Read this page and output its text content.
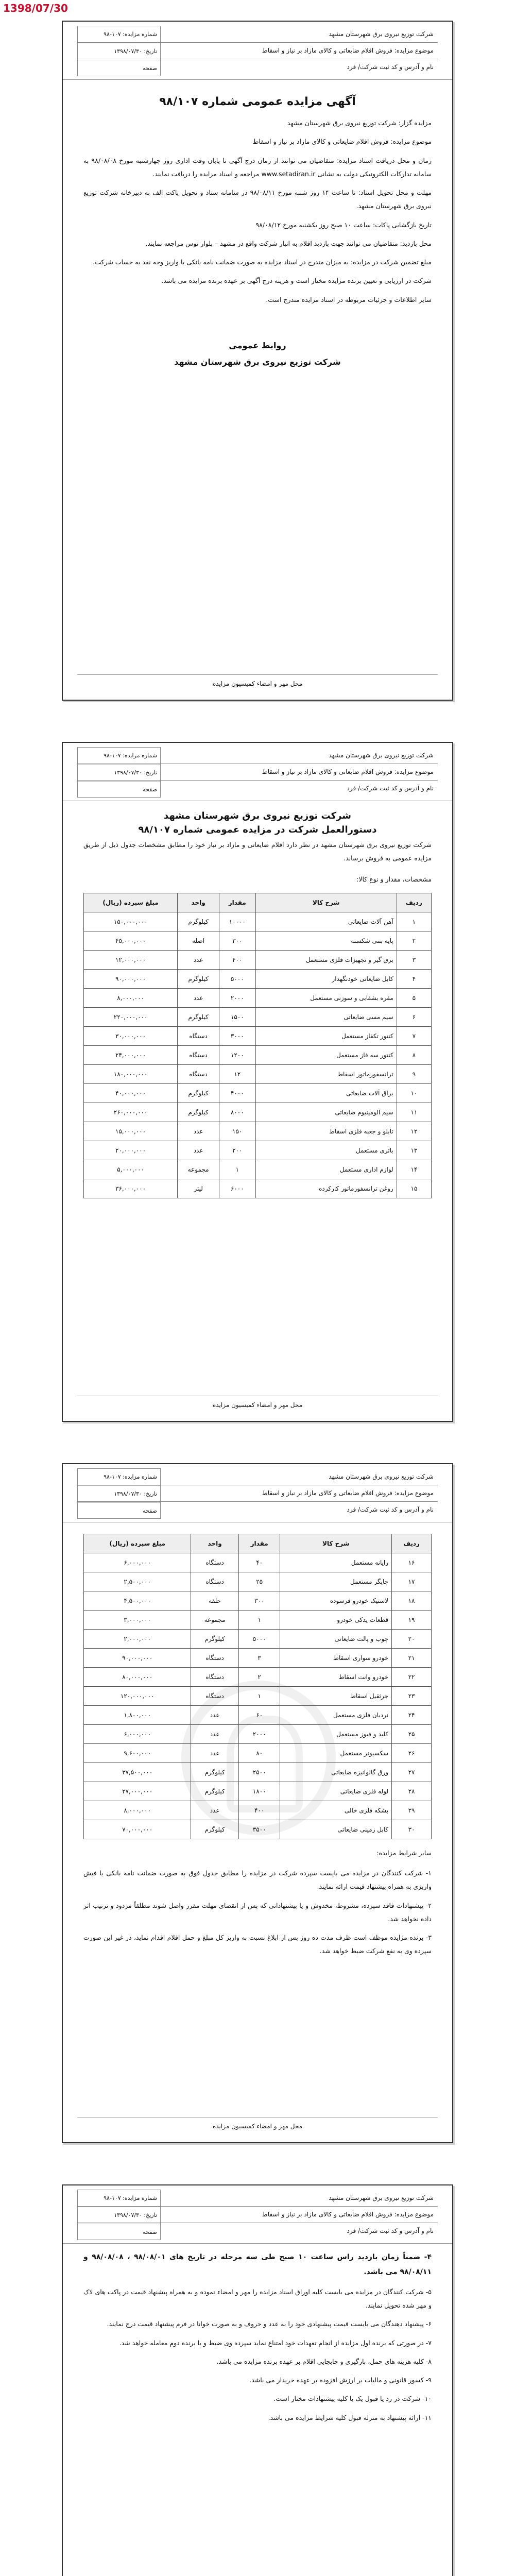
1398/07/30
شرکت توزیع نیروی برق شهرستان مشهد
موضوع مزایده: فروش اقلام ضایعاتی و کالای مازاد بر نیاز و اسقاط
نام و آدرس و کد ثبت شرکت/ فرد
شماره مزایده: ۱۰۷-۹۸
تاریخ: ۱۳۹۸/۰۷/۳۰
صفحه
آگهی مزایده عمومی شماره ۹۸/۱۰۷

مزایده گزار: شرکت توزیع نیروی برق شهرستان مشهد

موضوع مزایده: فروش اقلام ضایعاتی و کالای مازاد بر نیاز و اسقاط

زمان و محل دریافت اسناد مزایده: متقاضیان می توانند از زمان درج آگهی تا پایان وقت اداری روز چهارشنبه مورخ ۹۸/۰۸/۰۸ به سامانه تدارکات الکترونیکی دولت به نشانی www.setadiran.ir مراجعه و اسناد مزایده را دریافت نمایند.

مهلت و محل تحویل اسناد: تا ساعت ۱۴ روز شنبه مورخ ۹۸/۰۸/۱۱ در سامانه ستاد و تحویل پاکت الف به دبیرخانه شرکت توزیع نیروی برق شهرستان مشهد.

تاریخ بازگشایی پاکات: ساعت ۱۰ صبح روز یکشنبه مورخ ۹۸/۰۸/۱۲

محل بازدید: متقاضیان می توانند جهت بازدید اقلام به انبار شرکت واقع در مشهد – بلوار توس مراجعه نمایند.

مبلغ تضمین شرکت در مزایده: به میزان مندرج در اسناد مزایده به صورت ضمانت نامه بانکی یا واریز وجه نقد به حساب شرکت.

شرکت در ارزیابی و تعیین برنده مزایده مختار است و هزینه درج آگهی بر عهده برنده مزایده می باشد.

سایر اطلاعات و جزئیات مربوطه در اسناد مزایده مندرج است.

روابط عمومی
شرکت توزیع نیروی برق شهرستان مشهد
محل مهر و امضاء کمیسیون مزایده
شرکت توزیع نیروی برق شهرستان مشهد
موضوع مزایده: فروش اقلام ضایعاتی و کالای مازاد بر نیاز و اسقاط
نام و آدرس و کد ثبت شرکت/ فرد
شماره مزایده: ۱۰۷-۹۸
تاریخ: ۱۳۹۸/۰۷/۳۰
صفحه
شرکت توزیع نیروی برق شهرستان مشهد
دستورالعمل شرکت در مزایده عمومی شماره ۹۸/۱۰۷

شرکت توزیع نیروی برق شهرستان مشهد در نظر دارد اقلام ضایعاتی و مازاد بر نیاز خود را مطابق مشخصات جدول ذیل از طریق مزایده عمومی به فروش برساند.

مشخصات، مقدار و نوع کالا:
ردیف	شرح کالا	مقدار	واحد	مبلغ سپرده (ریال)
۱	آهن آلات ضایعاتی	۱۰۰۰۰	کیلوگرم	۱۵۰,۰۰۰,۰۰۰
۲	پایه بتنی شکسته	۳۰۰	اصله	۴۵,۰۰۰,۰۰۰
۳	برق گیر و تجهیزات فلزی مستعمل	۴۰۰	عدد	۱۲,۰۰۰,۰۰۰
۴	کابل ضایعاتی خودنگهدار	۵۰۰۰	کیلوگرم	۹۰,۰۰۰,۰۰۰
۵	مقره بشقابی و سوزنی مستعمل	۲۰۰۰	عدد	۸,۰۰۰,۰۰۰
۶	سیم مسی ضایعاتی	۱۵۰۰	کیلوگرم	۲۲۰,۰۰۰,۰۰۰
۷	کنتور تکفاز مستعمل	۳۰۰۰	دستگاه	۳۰,۰۰۰,۰۰۰
۸	کنتور سه فاز مستعمل	۱۲۰۰	دستگاه	۲۴,۰۰۰,۰۰۰
۹	ترانسفورماتور اسقاط	۱۲	دستگاه	۱۸۰,۰۰۰,۰۰۰
۱۰	یراق آلات ضایعاتی	۴۰۰۰	کیلوگرم	۴۰,۰۰۰,۰۰۰
۱۱	سیم آلومینیوم ضایعاتی	۸۰۰۰	کیلوگرم	۲۶۰,۰۰۰,۰۰۰
۱۲	تابلو و جعبه فلزی اسقاط	۱۵۰	عدد	۱۵,۰۰۰,۰۰۰
۱۳	باتری مستعمل	۲۰۰	عدد	۲۰,۰۰۰,۰۰۰
۱۴	لوازم اداری مستعمل	۱	مجموعه	۵,۰۰۰,۰۰۰
۱۵	روغن ترانسفورماتور کارکرده	۶۰۰۰	لیتر	۳۶,۰۰۰,۰۰۰
محل مهر و امضاء کمیسیون مزایده
شرکت توزیع نیروی برق شهرستان مشهد
موضوع مزایده: فروش اقلام ضایعاتی و کالای مازاد بر نیاز و اسقاط
نام و آدرس و کد ثبت شرکت/ فرد
شماره مزایده: ۱۰۷-۹۸
تاریخ: ۱۳۹۸/۰۷/۳۰
صفحه
ردیف	شرح کالا	مقدار	واحد	مبلغ سپرده (ریال)
۱۶	رایانه مستعمل	۴۰	دستگاه	۶,۰۰۰,۰۰۰
۱۷	چاپگر مستعمل	۲۵	دستگاه	۲,۵۰۰,۰۰۰
۱۸	لاستیک خودرو فرسوده	۳۰۰	حلقه	۴,۵۰۰,۰۰۰
۱۹	قطعات یدکی خودرو	۱	مجموعه	۳,۰۰۰,۰۰۰
۲۰	چوب و پالت ضایعاتی	۵۰۰۰	کیلوگرم	۲,۰۰۰,۰۰۰
۲۱	خودرو سواری اسقاط	۳	دستگاه	۹۰,۰۰۰,۰۰۰
۲۲	خودرو وانت اسقاط	۲	دستگاه	۸۰,۰۰۰,۰۰۰
۲۳	جرثقیل اسقاط	۱	دستگاه	۱۲۰,۰۰۰,۰۰۰
۲۴	نردبان فلزی مستعمل	۶۰	عدد	۱,۸۰۰,۰۰۰
۲۵	کلید و فیوز مستعمل	۲۰۰۰	عدد	۶,۰۰۰,۰۰۰
۲۶	سکسیونر مستعمل	۸۰	عدد	۹,۶۰۰,۰۰۰
۲۷	ورق گالوانیزه ضایعاتی	۲۵۰۰	کیلوگرم	۳۷,۵۰۰,۰۰۰
۲۸	لوله فلزی ضایعاتی	۱۸۰۰	کیلوگرم	۲۷,۰۰۰,۰۰۰
۲۹	بشکه فلزی خالی	۴۰۰	عدد	۸,۰۰۰,۰۰۰
۳۰	کابل زمینی ضایعاتی	۳۵۰۰	کیلوگرم	۷۰,۰۰۰,۰۰۰
سایر شرایط مزایده:

۱- شرکت کنندگان در مزایده می بایست سپرده شرکت در مزایده را مطابق جدول فوق به صورت ضمانت نامه بانکی یا فیش واریزی به همراه پیشنهاد قیمت ارائه نمایند.

۲- پیشنهادات فاقد سپرده، مشروط، مخدوش و یا پیشنهاداتی که پس از انقضای مهلت مقرر واصل شوند مطلقاً مردود و ترتیب اثر داده نخواهد شد.

۳- برنده مزایده موظف است ظرف مدت ده روز پس از ابلاغ نسبت به واریز کل مبلغ و حمل اقلام اقدام نماید، در غیر این صورت سپرده وی به نفع شرکت ضبط خواهد شد.

محل مهر و امضاء کمیسیون مزایده
شرکت توزیع نیروی برق شهرستان مشهد
موضوع مزایده: فروش اقلام ضایعاتی و کالای مازاد بر نیاز و اسقاط
نام و آدرس و کد ثبت شرکت/ فرد
شماره مزایده: ۱۰۷-۹۸
تاریخ: ۱۳۹۸/۰۷/۳۰
صفحه

۴- ضمناً زمان بازدید راس ساعت ۱۰ صبح طی سه مرحله در تاریخ های ۹۸/۰۸/۰۱ ، ۹۸/۰۸/۰۸ و ۹۸/۰۸/۱۱ می باشد.

۵- شرکت کنندگان در مزایده می بایست کلیه اوراق اسناد مزایده را مهر و امضاء نموده و به همراه پیشنهاد قیمت در پاکت های لاک و مهر شده تحویل نمایند.

۶- پیشنهاد دهندگان می بایست قیمت پیشنهادی خود را به عدد و حروف و به صورت خوانا در فرم پیشنهاد قیمت درج نمایند.

۷- در صورتی که برنده اول مزایده از انجام تعهدات خود امتناع نماید سپرده وی ضبط و با برنده دوم معامله خواهد شد.

۸- کلیه هزینه های حمل، بارگیری و جابجایی اقلام بر عهده برنده مزایده می باشد.

۹- کسور قانونی و مالیات بر ارزش افزوده بر عهده خریدار می باشد.

۱۰- شرکت در رد یا قبول یک یا کلیه پیشنهادات مختار است.

۱۱- ارائه پیشنهاد به منزله قبول کلیه شرایط مزایده می باشد.
